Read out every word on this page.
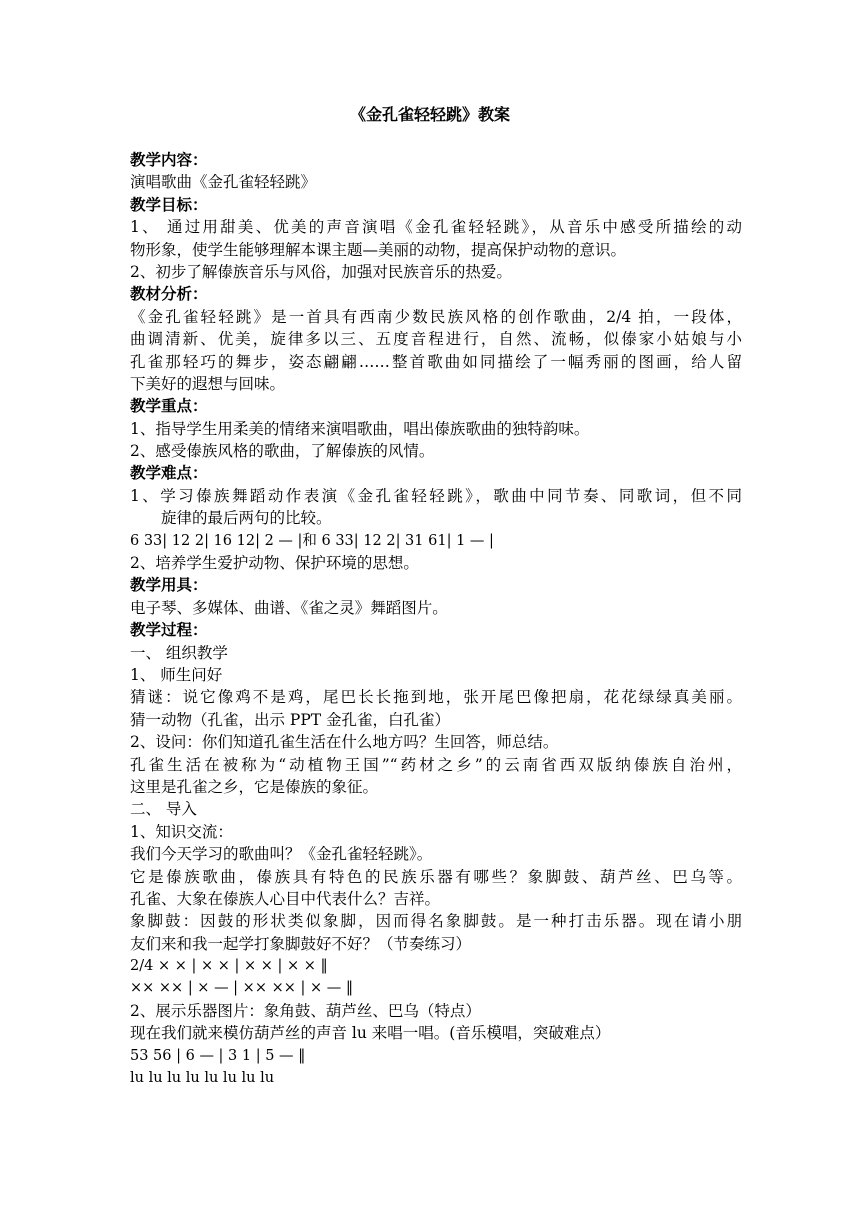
《金孔雀轻轻跳》教案
教学内容：
演唱歌曲《金孔雀轻轻跳》
教学目标：
1、 通过用甜美、优美的声音演唱《金孔雀轻轻跳》，从音乐中感受所描绘的动
物形象，使学生能够理解本课主题—美丽的动物，提高保护动物的意识。
2、初步了解傣族音乐与风俗，加强对民族音乐的热爱。
教材分析：
《金孔雀轻轻跳》是一首具有西南少数民族风格的创作歌曲，2/4 拍，一段体，
曲调清新、优美，旋律多以三、五度音程进行，自然、流畅，似傣家小姑娘与小
孔雀那轻巧的舞步，姿态翩翩……整首歌曲如同描绘了一幅秀丽的图画，给人留
下美好的遐想与回味。
教学重点：
1、指导学生用柔美的情绪来演唱歌曲，唱出傣族歌曲的独特韵味。
2、感受傣族风格的歌曲，了解傣族的风情。
教学难点：
1、学习傣族舞蹈动作表演《金孔雀轻轻跳》，歌曲中同节奏、同歌词，但不同
旋律的最后两句的比较。
6 33| 12 2| 16 12| 2 — |和 6 33| 12 2| 31 61| 1 — |
2、培养学生爱护动物、保护环境的思想。
教学用具：
电子琴、多媒体、曲谱、《雀之灵》舞蹈图片。
教学过程：
一、 组织教学
1、 师生问好
猜谜：说它像鸡不是鸡，尾巴长长拖到地，张开尾巴像把扇，花花绿绿真美丽。
猜一动物（孔雀，出示 PPT 金孔雀，白孔雀）
2、设问：你们知道孔雀生活在什么地方吗？生回答，师总结。
孔雀生活在被称为“动植物王国”“药材之乡”的云南省西双版纳傣族自治州，
这里是孔雀之乡，它是傣族的象征。
二、 导入
1、知识交流：
我们今天学习的歌曲叫？《金孔雀轻轻跳》。
它是傣族歌曲，傣族具有特色的民族乐器有哪些？象脚鼓、葫芦丝、巴乌等。
孔雀、大象在傣族人心目中代表什么？吉祥。
象脚鼓：因鼓的形状类似象脚，因而得名象脚鼓。是一种打击乐器。现在请小朋
友们来和我一起学打象脚鼓好不好？（节奏练习）
2/4 × × | × × | × × | × × ‖
×× ×× | × — | ×× ×× | × — ‖
2、展示乐器图片：象角鼓、葫芦丝、巴乌（特点）
现在我们就来模仿葫芦丝的声音 lu 来唱一唱。(音乐模唱，突破难点）
53 56 | 6 — | 3 1 | 5 — ‖
lu lu lu lu lu lu lu lu
